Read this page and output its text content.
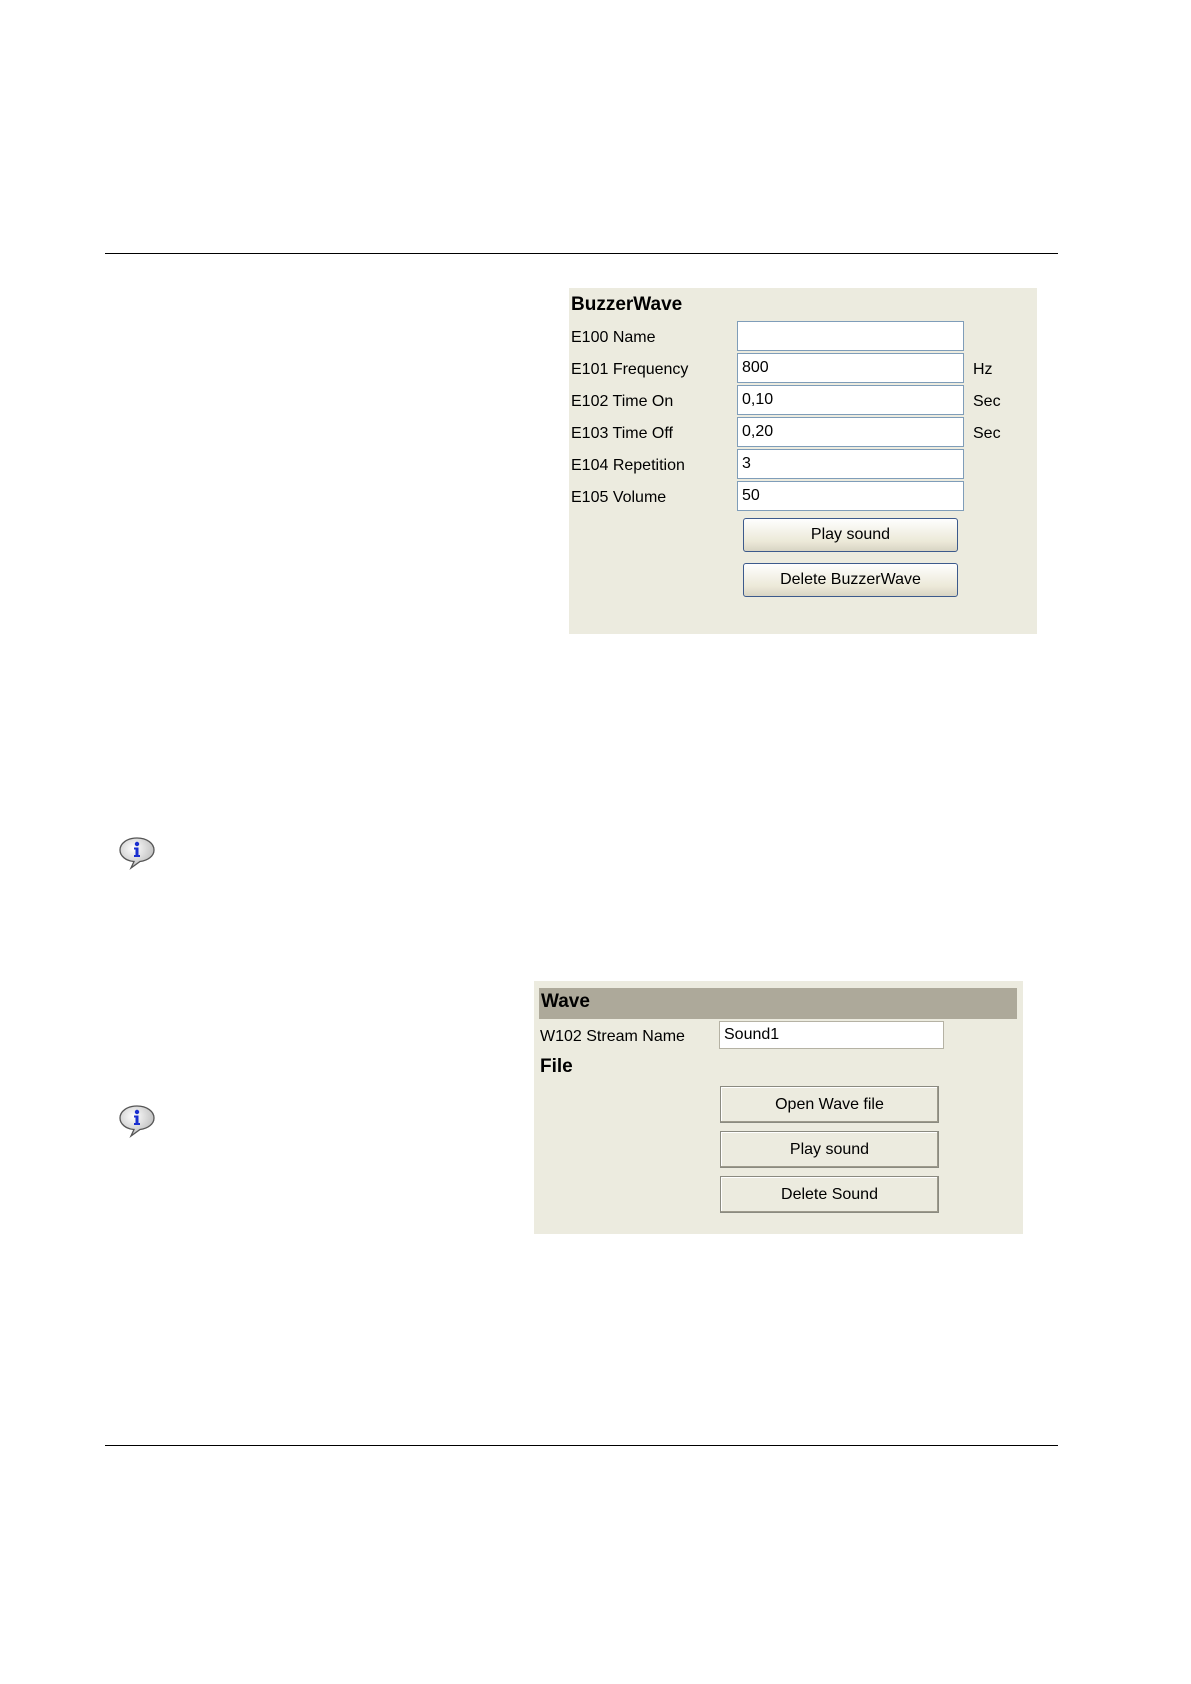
BuzzerWave
E100 Name
E101 Frequency	800	Hz
E102 Time On	0,10	Sec
E103 Time Off	0,20	Sec
E104 Repetition	3
E105 Volume	50
Play sound
Delete BuzzerWave
Wave
W102 Stream Name	Sound1
File
Open Wave file
Play sound
Delete Sound
